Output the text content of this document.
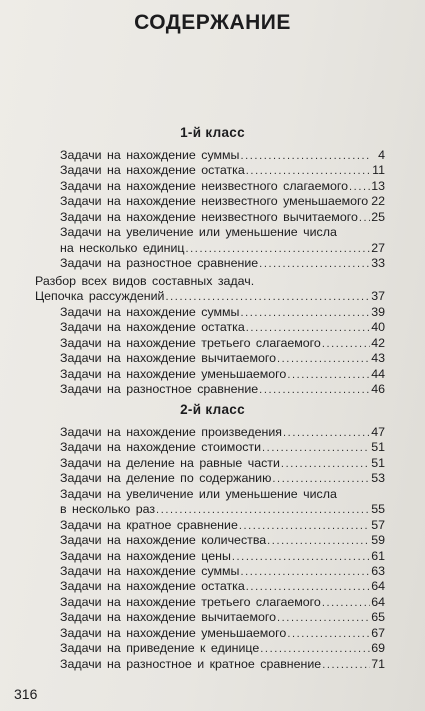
СОДЕРЖАНИЕ
1-й класс
Задачи на нахождение суммы .....	4
Задачи на нахождение остатка .....	11
Задачи на нахождение неизвестного слагаемого ..... 13
Задачи на нахождение неизвестного уменьшаемого ..... 22
Задачи на нахождение неизвестного вычитаемого ..... 25
Задачи на увеличение или уменьшение числа
на несколько единиц .....	27
Задачи на разностное сравнение .....	33
Разбор всех видов составных задач.
Цепочка рассуждений .....	37
Задачи на нахождение суммы .....	39
Задачи на нахождение остатка .....	40
Задачи на нахождение третьего слагаемого .....	42
Задачи на нахождение вычитаемого .....	43
Задачи на нахождение уменьшаемого .....	44
Задачи на разностное сравнение .....	46
2-й класс
Задачи на нахождение произведения .....	47
Задачи на нахождение стоимости .....	51
Задачи на деление на равные части .....	51
Задачи на деление по содержанию .....	53
Задачи на увеличение или уменьшение числа
в несколько раз .....	55
Задачи на кратное сравнение .....	57
Задачи на нахождение количества .....	59
Задачи на нахождение цены .....	61
Задачи на нахождение суммы .....	63
Задачи на нахождение остатка .....	64
Задачи на нахождение третьего слагаемого .....	64
Задачи на нахождение вычитаемого .....	65
Задачи на нахождение уменьшаемого .....	67
Задачи на приведение к единице .....	69
Задачи на разностное и кратное сравнение .....	71
316
